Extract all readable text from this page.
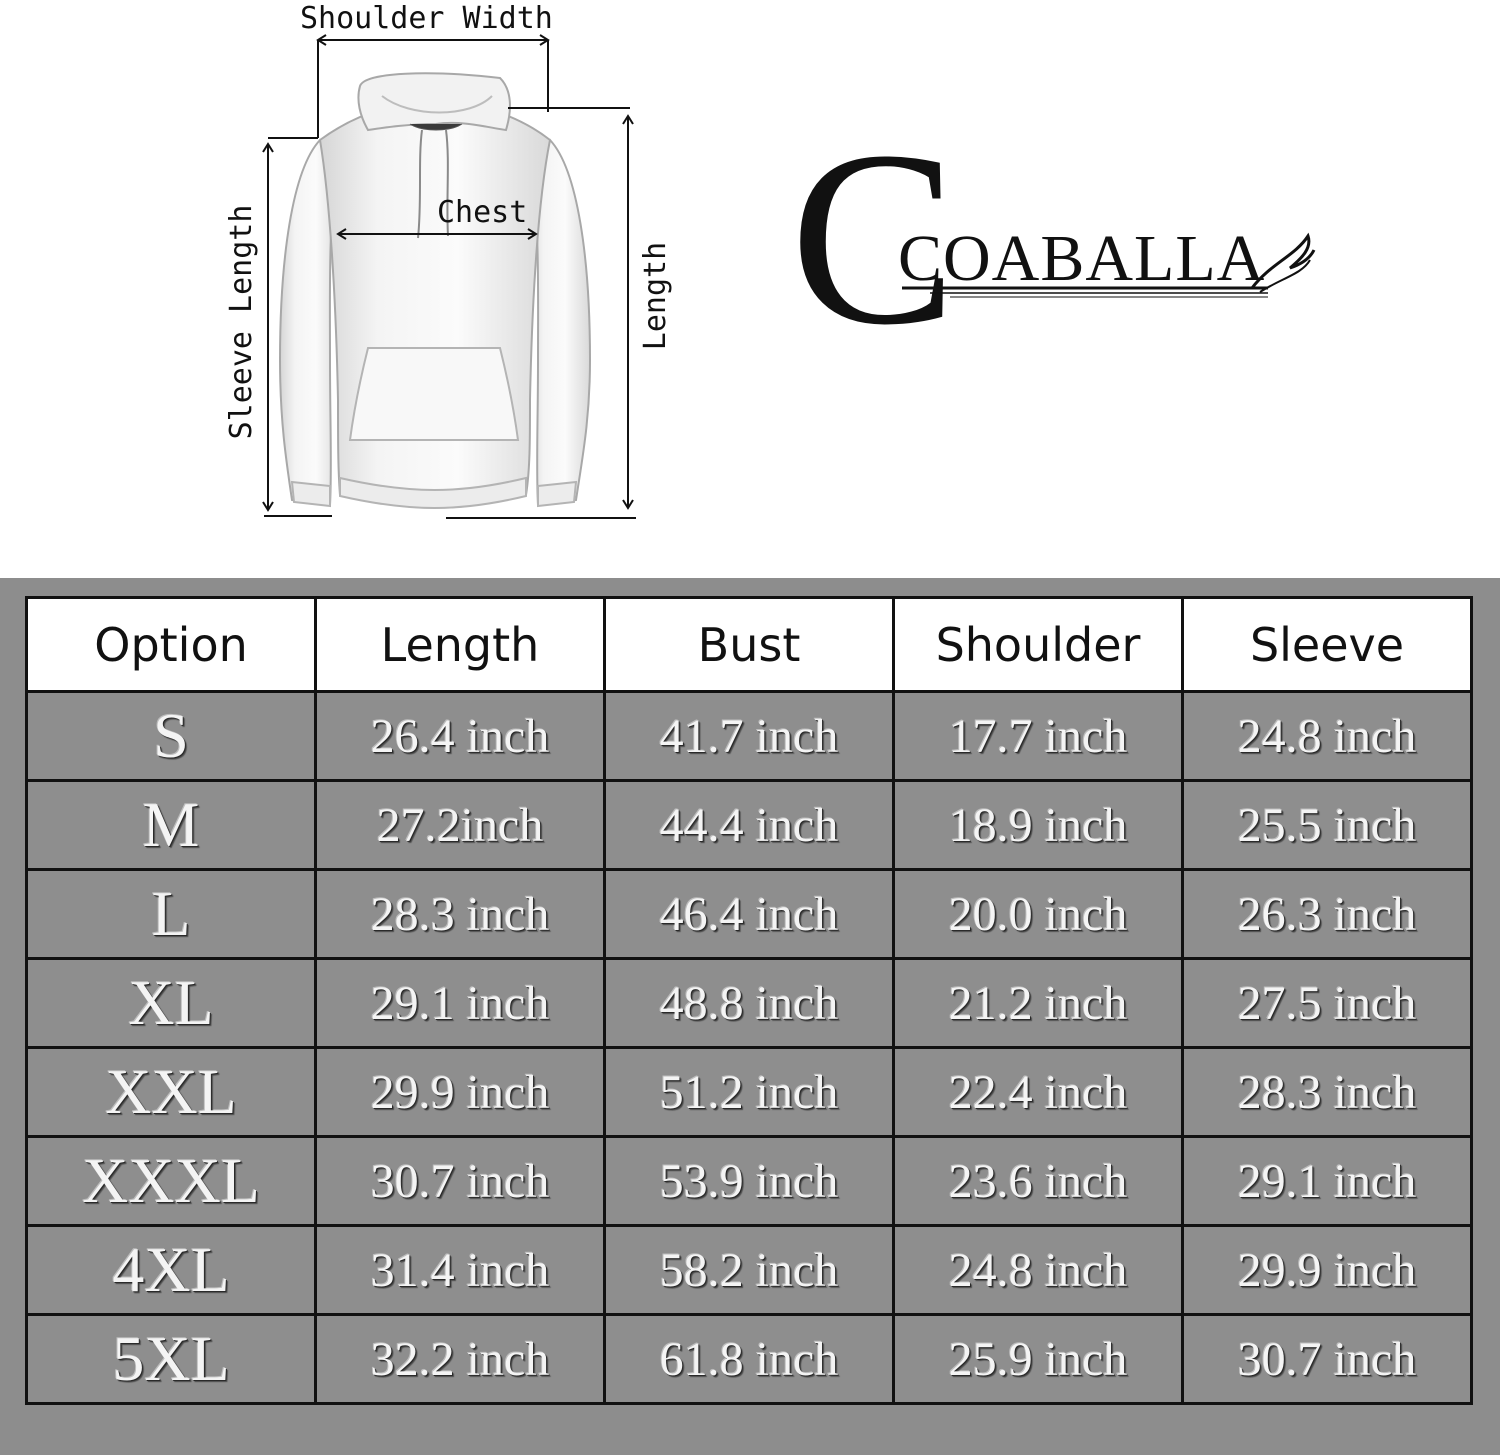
Shoulder Width
Chest
Sleeve Length	Length C
COABALLA
Option	Length	Bust	Shoulder	Sleeve
S	26.4 inch	41.7 inch	17.7 inch	24.8 inch
M	27.2inch	44.4 inch	18.9 inch	25.5 inch
L	28.3 inch	46.4 inch	20.0 inch	26.3 inch
XL	29.1 inch	48.8 inch	21.2 inch	27.5 inch
XXL	29.9 inch	51.2 inch	22.4 inch	28.3 inch
XXXL	30.7 inch	53.9 inch	23.6 inch	29.1 inch
4XL	31.4 inch	58.2 inch	24.8 inch	29.9 inch
5XL	32.2 inch	61.8 inch	25.9 inch	30.7 inch
